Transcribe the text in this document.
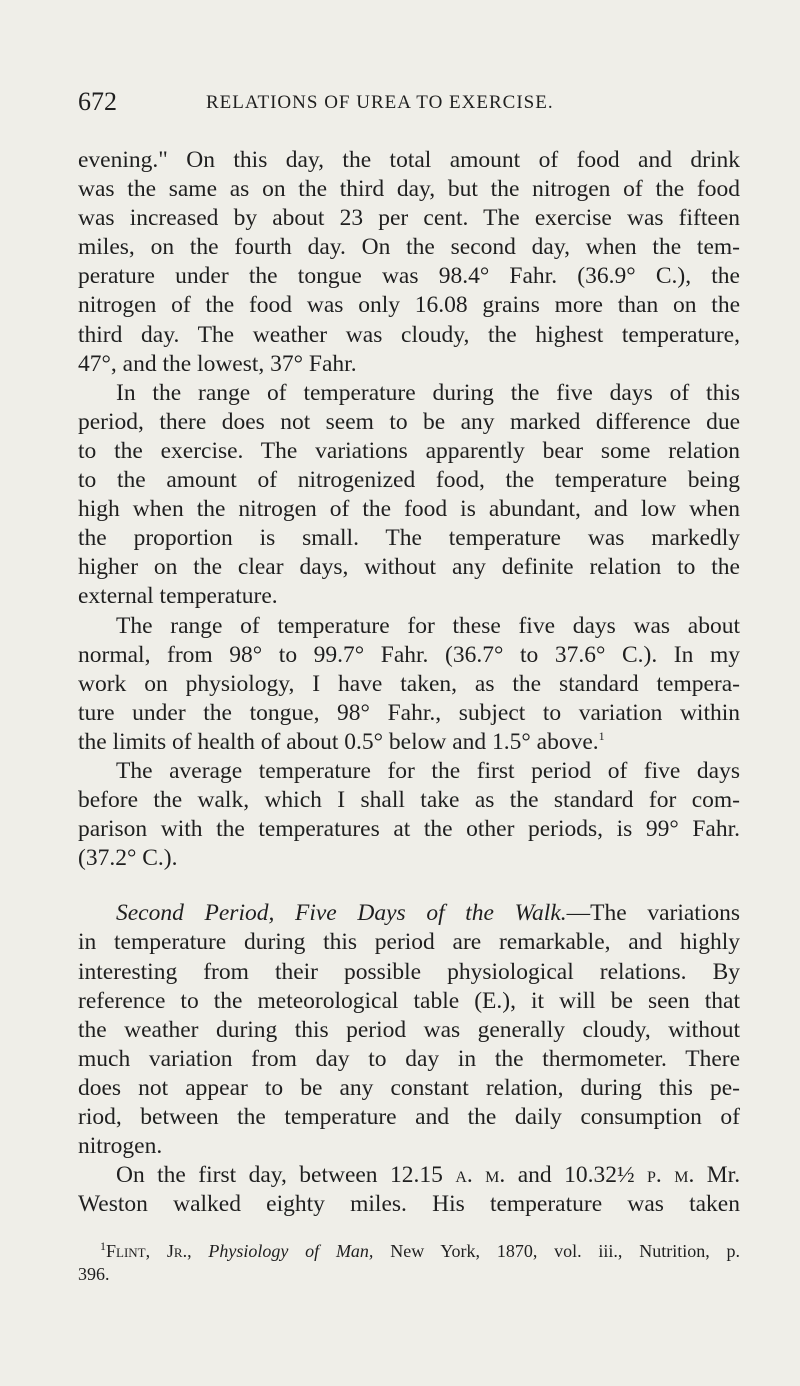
672	RELATIONS OF UREA TO EXERCISE.
evening." On this day, the total amount of food and drink
was the same as on the third day, but the nitrogen of the food
was increased by about 23 per cent. The exercise was fifteen
miles, on the fourth day. On the second day, when the tem-
perature under the tongue was 98.4° Fahr. (36.9° C.), the
nitrogen of the food was only 16.08 grains more than on the
third day. The weather was cloudy, the highest temperature,
47°, and the lowest, 37° Fahr.
In the range of temperature during the five days of this
period, there does not seem to be any marked difference due
to the exercise. The variations apparently bear some relation
to the amount of nitrogenized food, the temperature being
high when the nitrogen of the food is abundant, and low when
the proportion is small. The temperature was markedly
higher on the clear days, without any definite relation to the
external temperature.
The range of temperature for these five days was about
normal, from 98° to 99.7° Fahr. (36.7° to 37.6° C.). In my
work on physiology, I have taken, as the standard tempera-
ture under the tongue, 98° Fahr., subject to variation within
the limits of health of about 0.5° below and 1.5° above.$^1$
The average temperature for the first period of five days
before the walk, which I shall take as the standard for com-
parison with the temperatures at the other periods, is 99° Fahr.
(37.2° C.).
Second Period, Five Days of the Walk.—The variations
in temperature during this period are remarkable, and highly
interesting from their possible physiological relations. By
reference to the meteorological table (E.), it will be seen that
the weather during this period was generally cloudy, without
much variation from day to day in the thermometer. There
does not appear to be any constant relation, during this pe-
riod, between the temperature and the daily consumption of
nitrogen.
On the first day, between 12.15 a. m. and 10.32½ p. m. Mr.
Weston walked eighty miles. His temperature was taken
$^1$Flint, Jr., Physiology of Man, New York, 1870, vol. iii., Nutrition, p.
396.
